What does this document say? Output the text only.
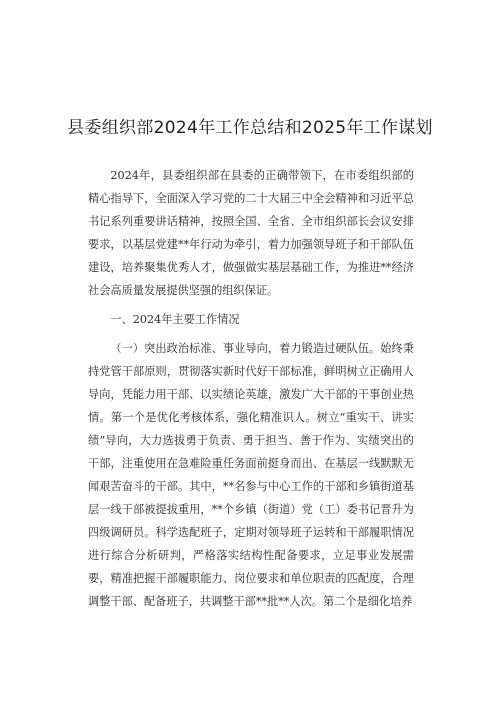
县委组织部2024年工作总结和2025年工作谋划

2024年，县委组织部在县委的正确带领下，在市委组织部的精心指导下，全面深入学习党的二十大届三中全会精神和习近平总书记系列重要讲话精神，按照全国、全省、全市组织部长会议安排要求，以基层党建**年行动为牵引，着力加强领导班子和干部队伍建设，培养聚集优秀人才，做强做实基层基础工作，为推进**经济社会高质量发展提供坚强的组织保证。

一、2024年主要工作情况

（一）突出政治标准、事业导向，着力锻造过硬队伍。始终秉持党管干部原则，贯彻落实新时代好干部标准，鲜明树立正确用人导向，凭能力用干部、以实绩论英雄，激发广大干部的干事创业热情。第一个是优化考核体系，强化精准识人。树立“重实干、讲实绩”导向，大力选拔勇于负责、勇于担当、善于作为、实绩突出的干部，注重使用在急难险重任务面前挺身而出、在基层一线默默无闻艰苦奋斗的干部。其中，**名参与中心工作的干部和乡镇街道基层一线干部被提拔重用，**个乡镇（街道）党（工）委书记晋升为四级调研员。科学选配班子，定期对领导班子运转和干部履职情况进行综合分析研判，严格落实结构性配备要求，立足事业发展需要，精准把握干部履职能力、岗位要求和单位职责的匹配度，合理调整干部、配备班子，共调整干部**批**人次。第二个是细化培养
